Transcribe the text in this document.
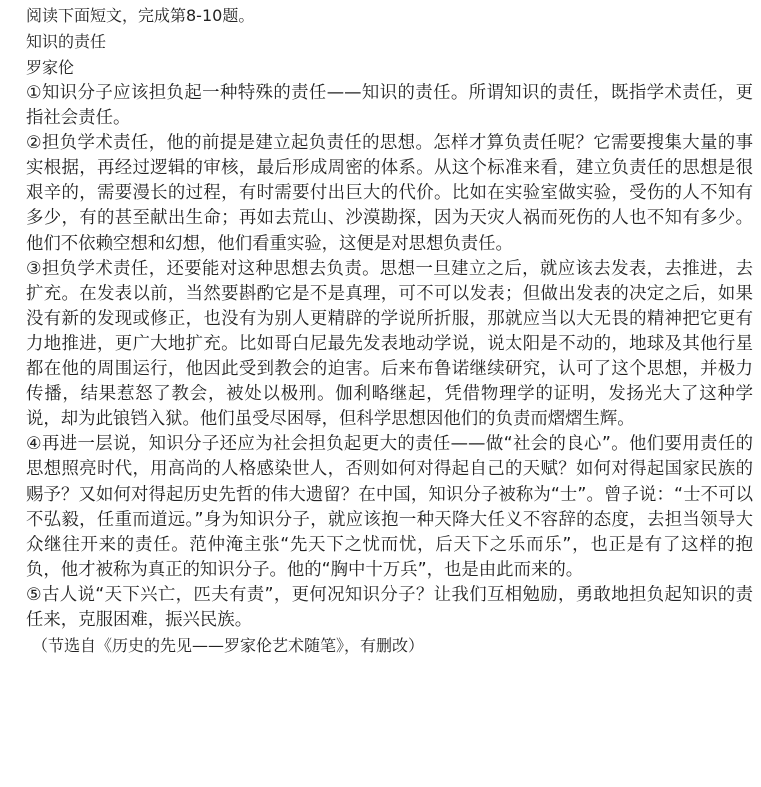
阅读下面短文，完成第8-10题。
知识的责任
罗家伦

①知识分子应该担负起一种特殊的责任——知识的责任。所谓知识的责任，既指学术责任，更指社会责任。

②担负学术责任，他的前提是建立起负责任的思想。怎样才算负责任呢？它需要搜集大量的事实根据，再经过逻辑的审核，最后形成周密的体系。从这个标准来看，建立负责任的思想是很艰辛的，需要漫长的过程，有时需要付出巨大的代价。比如在实验室做实验，受伤的人不知有多少，有的甚至献出生命；再如去荒山、沙漠勘探，因为天灾人祸而死伤的人也不知有多少。他们不依赖空想和幻想，他们看重实验，这便是对思想负责任。

③担负学术责任，还要能对这种思想去负责。思想一旦建立之后，就应该去发表，去推进，去扩充。在发表以前，当然要斟酌它是不是真理，可不可以发表；但做出发表的决定之后，如果没有新的发现或修正，也没有为别人更精辟的学说所折服，那就应当以大无畏的精神把它更有力地推进，更广大地扩充。比如哥白尼最先发表地动学说，说太阳是不动的，地球及其他行星都在他的周围运行，他因此受到教会的迫害。后来布鲁诺继续研究，认可了这个思想，并极力传播，结果惹怒了教会，被处以极刑。伽利略继起，凭借物理学的证明，发扬光大了这种学说，却为此锒铛入狱。他们虽受尽困辱，但科学思想因他们的负责而熠熠生辉。

④再进一层说，知识分子还应为社会担负起更大的责任——做“社会的良心”。他们要用责任的思想照亮时代，用高尚的人格感染世人，否则如何对得起自己的天赋？如何对得起国家民族的赐予？又如何对得起历史先哲的伟大遗留？在中国，知识分子被称为“士”。曾子说：“士不可以不弘毅，任重而道远。”身为知识分子，就应该抱一种天降大任义不容辞的态度，去担当领导大众继往开来的责任。范仲淹主张“先天下之忧而忧，后天下之乐而乐”，也正是有了这样的抱负，他才被称为真正的知识分子。他的“胸中十万兵”，也是由此而来的。

⑤古人说“天下兴亡，匹夫有责”，更何况知识分子？让我们互相勉励，勇敢地担负起知识的责任来，克服困难，振兴民族。

（节选自《历史的先见——罗家伦艺术随笔》，有删改）
